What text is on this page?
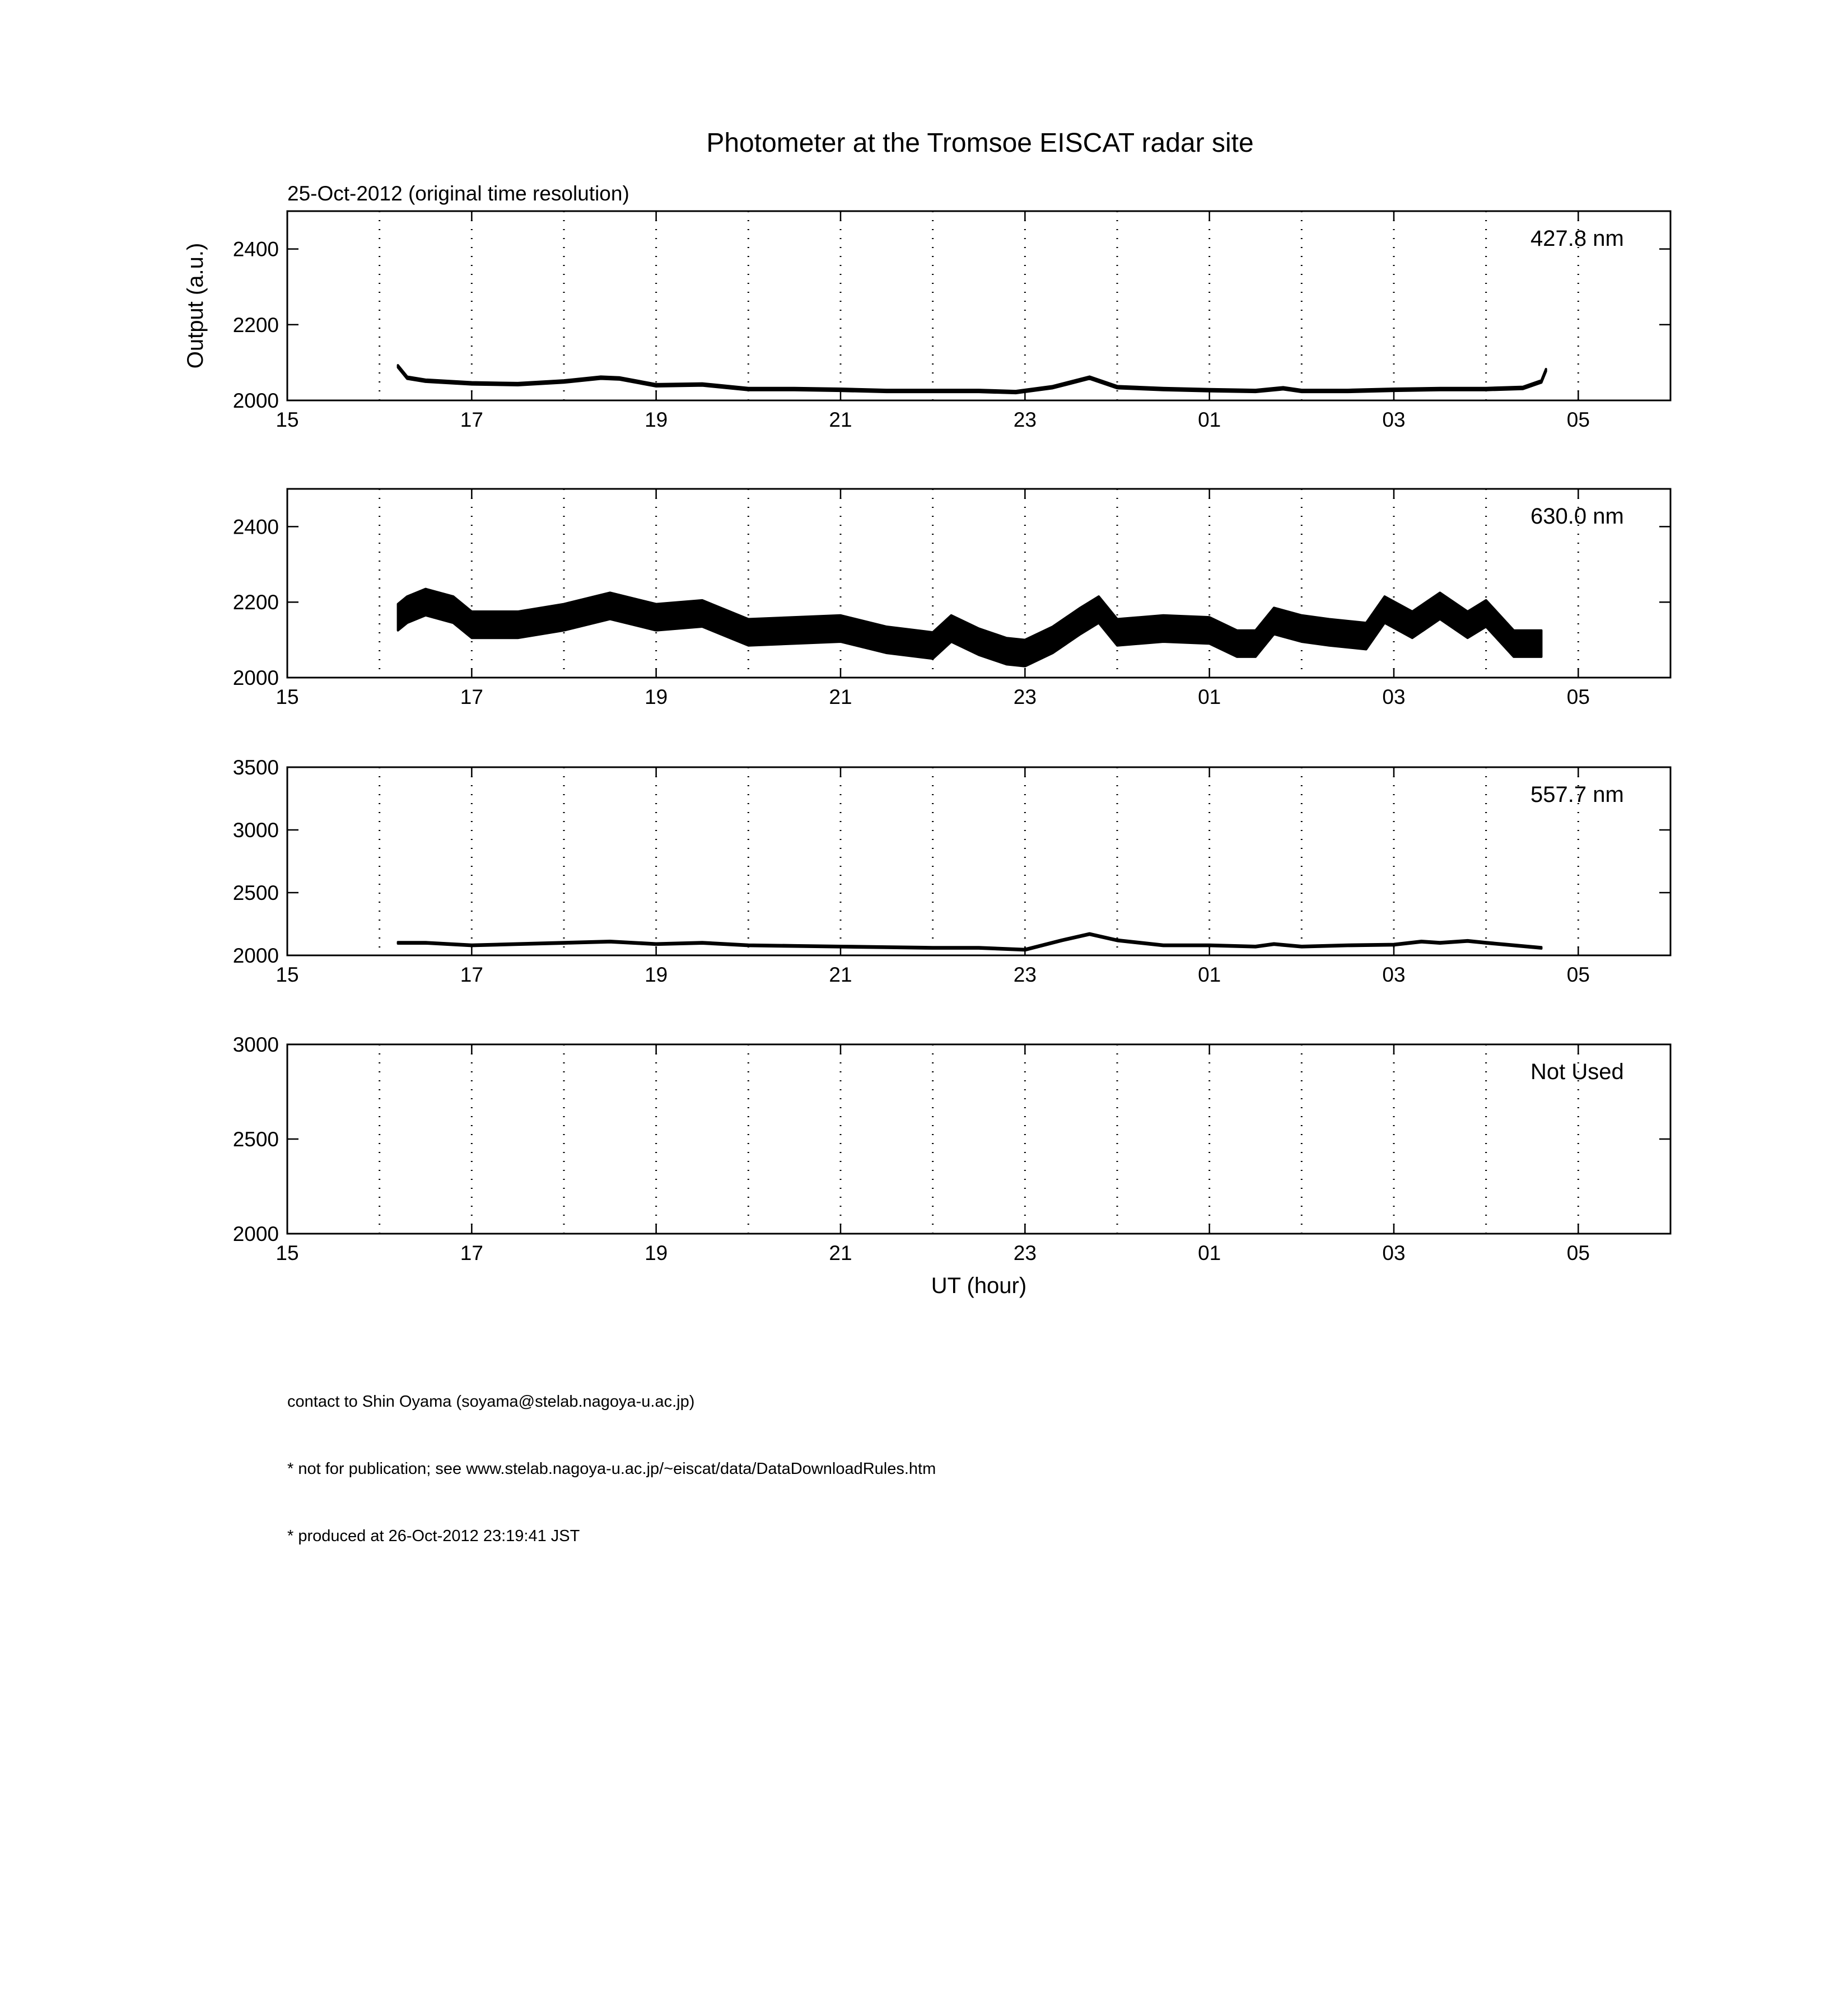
Photometer at the Tromsoe EISCAT radar site
25-Oct-2012 (original time resolution)
15	17	19	21	23	01	03	05
2000
2200
2400	427.8 nm
Output (a.u.)
15	17	19	21	23	01	03	05
2000
2200
2400	630.0 nm
15	17	19	21	23	01	03	05
2000
2500
3000
3500
557.7 nm
15	17	19	21	23	01	03	05
2000
2500
3000
Not Used
UT (hour)

contact to Shin Oyama (soyama@stelab.nagoya-u.ac.jp)

* not for publication; see www.stelab.nagoya-u.ac.jp/~eiscat/data/DataDownloadRules.htm

* produced at 26-Oct-2012 23:19:41 JST
